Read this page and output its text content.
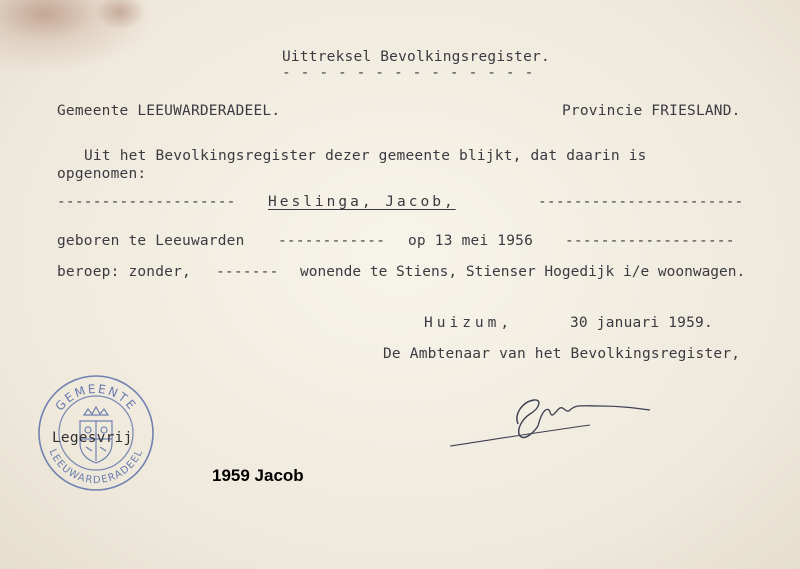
Uittreksel Bevolkingsregister.
- - - - - - - - - - - - - -
Gemeente LEEUWARDERADEEL.	Provincie FRIESLAND.
Uit het Bevolkingsregister dezer gemeente blijkt, dat daarin is
opgenomen:
-------------------- Heslinga, Jacob,	-----------------------
geboren te Leeuwarden ------------ op 13 mei 1956 -------------------
beroep: zonder, ------- wonende te Stiens, Stienser Hogedijk i/e woonwagen.
Huizum,	30 januari 1959.
De Ambtenaar van het Bevolkingsregister,
GEMEENTE
LEEUWARDERADEEL
Legesvrij
1959 Jacob
